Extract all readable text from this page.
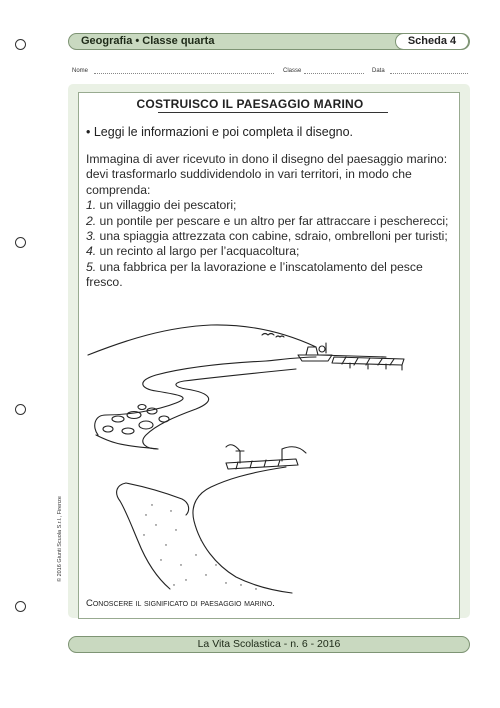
Geografia • Classe quarta	Scheda 4
Nome	Classe	Data
COSTRUISCO IL PAESAGGIO MARINO
• Leggi le informazioni e poi completa il disegno.

Immagina di aver ricevuto in dono il disegno del paesaggio marino: devi trasformarlo suddividendolo in vari territori, in modo che comprenda:

1. un villaggio dei pescatori;

2. un pontile per pescare e un altro per far attraccare i pescherecci;

3. una spiaggia attrezzata con cabine, sdraio, ombrelloni per turisti;

4. un recinto al largo per l’acquacoltura;

5. una fabbrica per la lavorazione e l’inscatolamento del pesce fresco.

Conoscere il significato di paesaggio marino.
© 2016 Giunti Scuola S.r.l., Firenze
La Vita Scolastica - n. 6 - 2016
